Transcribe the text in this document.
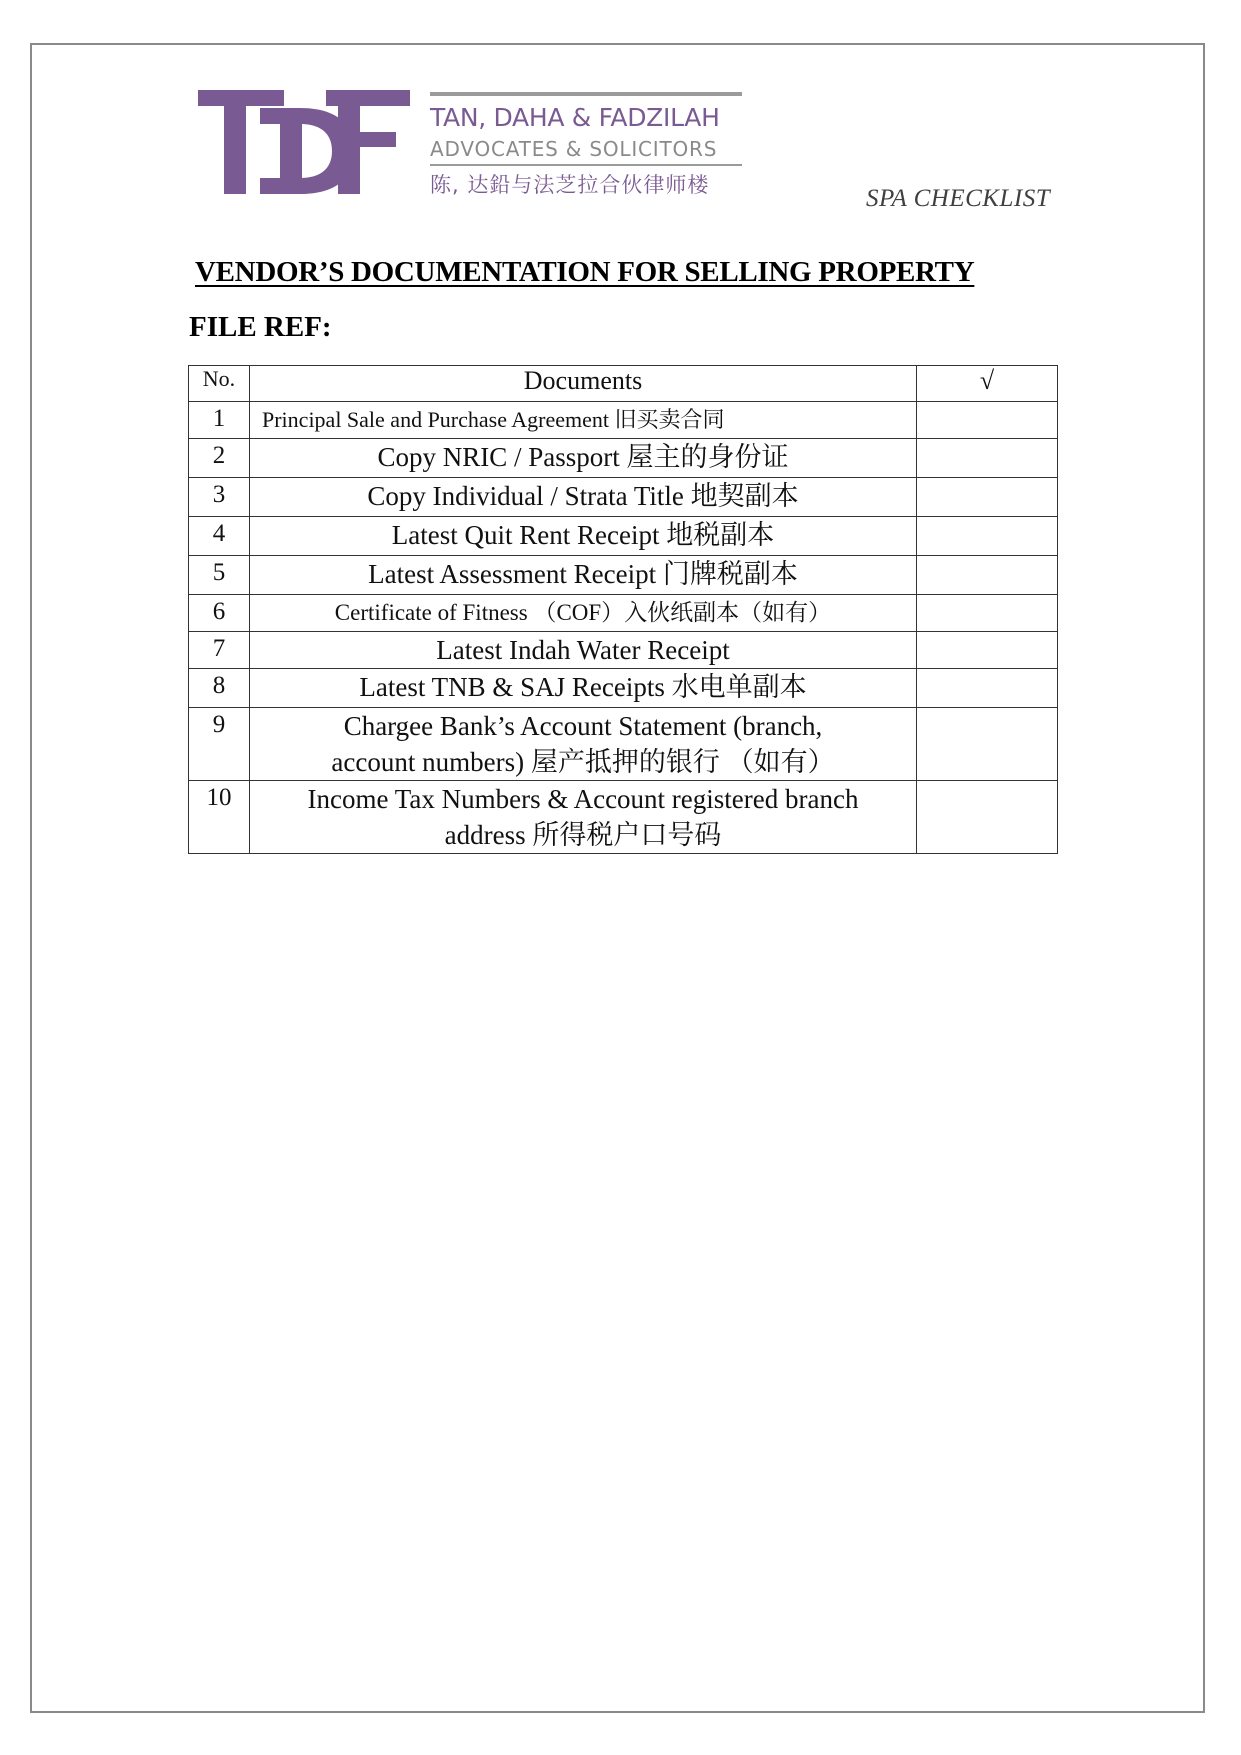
TAN, DAHA & FADZILAH
ADVOCATES & SOLICITORS
陈, 达鉛与法芝拉合伙律师楼	SPA CHECKLIST
VENDOR’S DOCUMENTATION FOR SELLING PROPERTY
FILE REF:
No.	Documents	√
1	Principal Sale and Purchase Agreement 旧买卖合同	
2	Copy NRIC / Passport 屋主的身份证	
3	Copy Individual / Strata Title 地契副本	
4	Latest Quit Rent Receipt 地税副本	
5	Latest Assessment Receipt 门牌税副本	
6	Certificate of Fitness （COF）入伙纸副本（如有）	
7	Latest Indah Water Receipt	
8	Latest TNB & SAJ Receipts 水电单副本	
9	Chargee Bank’s Account Statement (branch,
account numbers) 屋产抵押的银行 （如有）	

10	Income Tax Numbers & Account registered branch
address 所得税户口号码	
